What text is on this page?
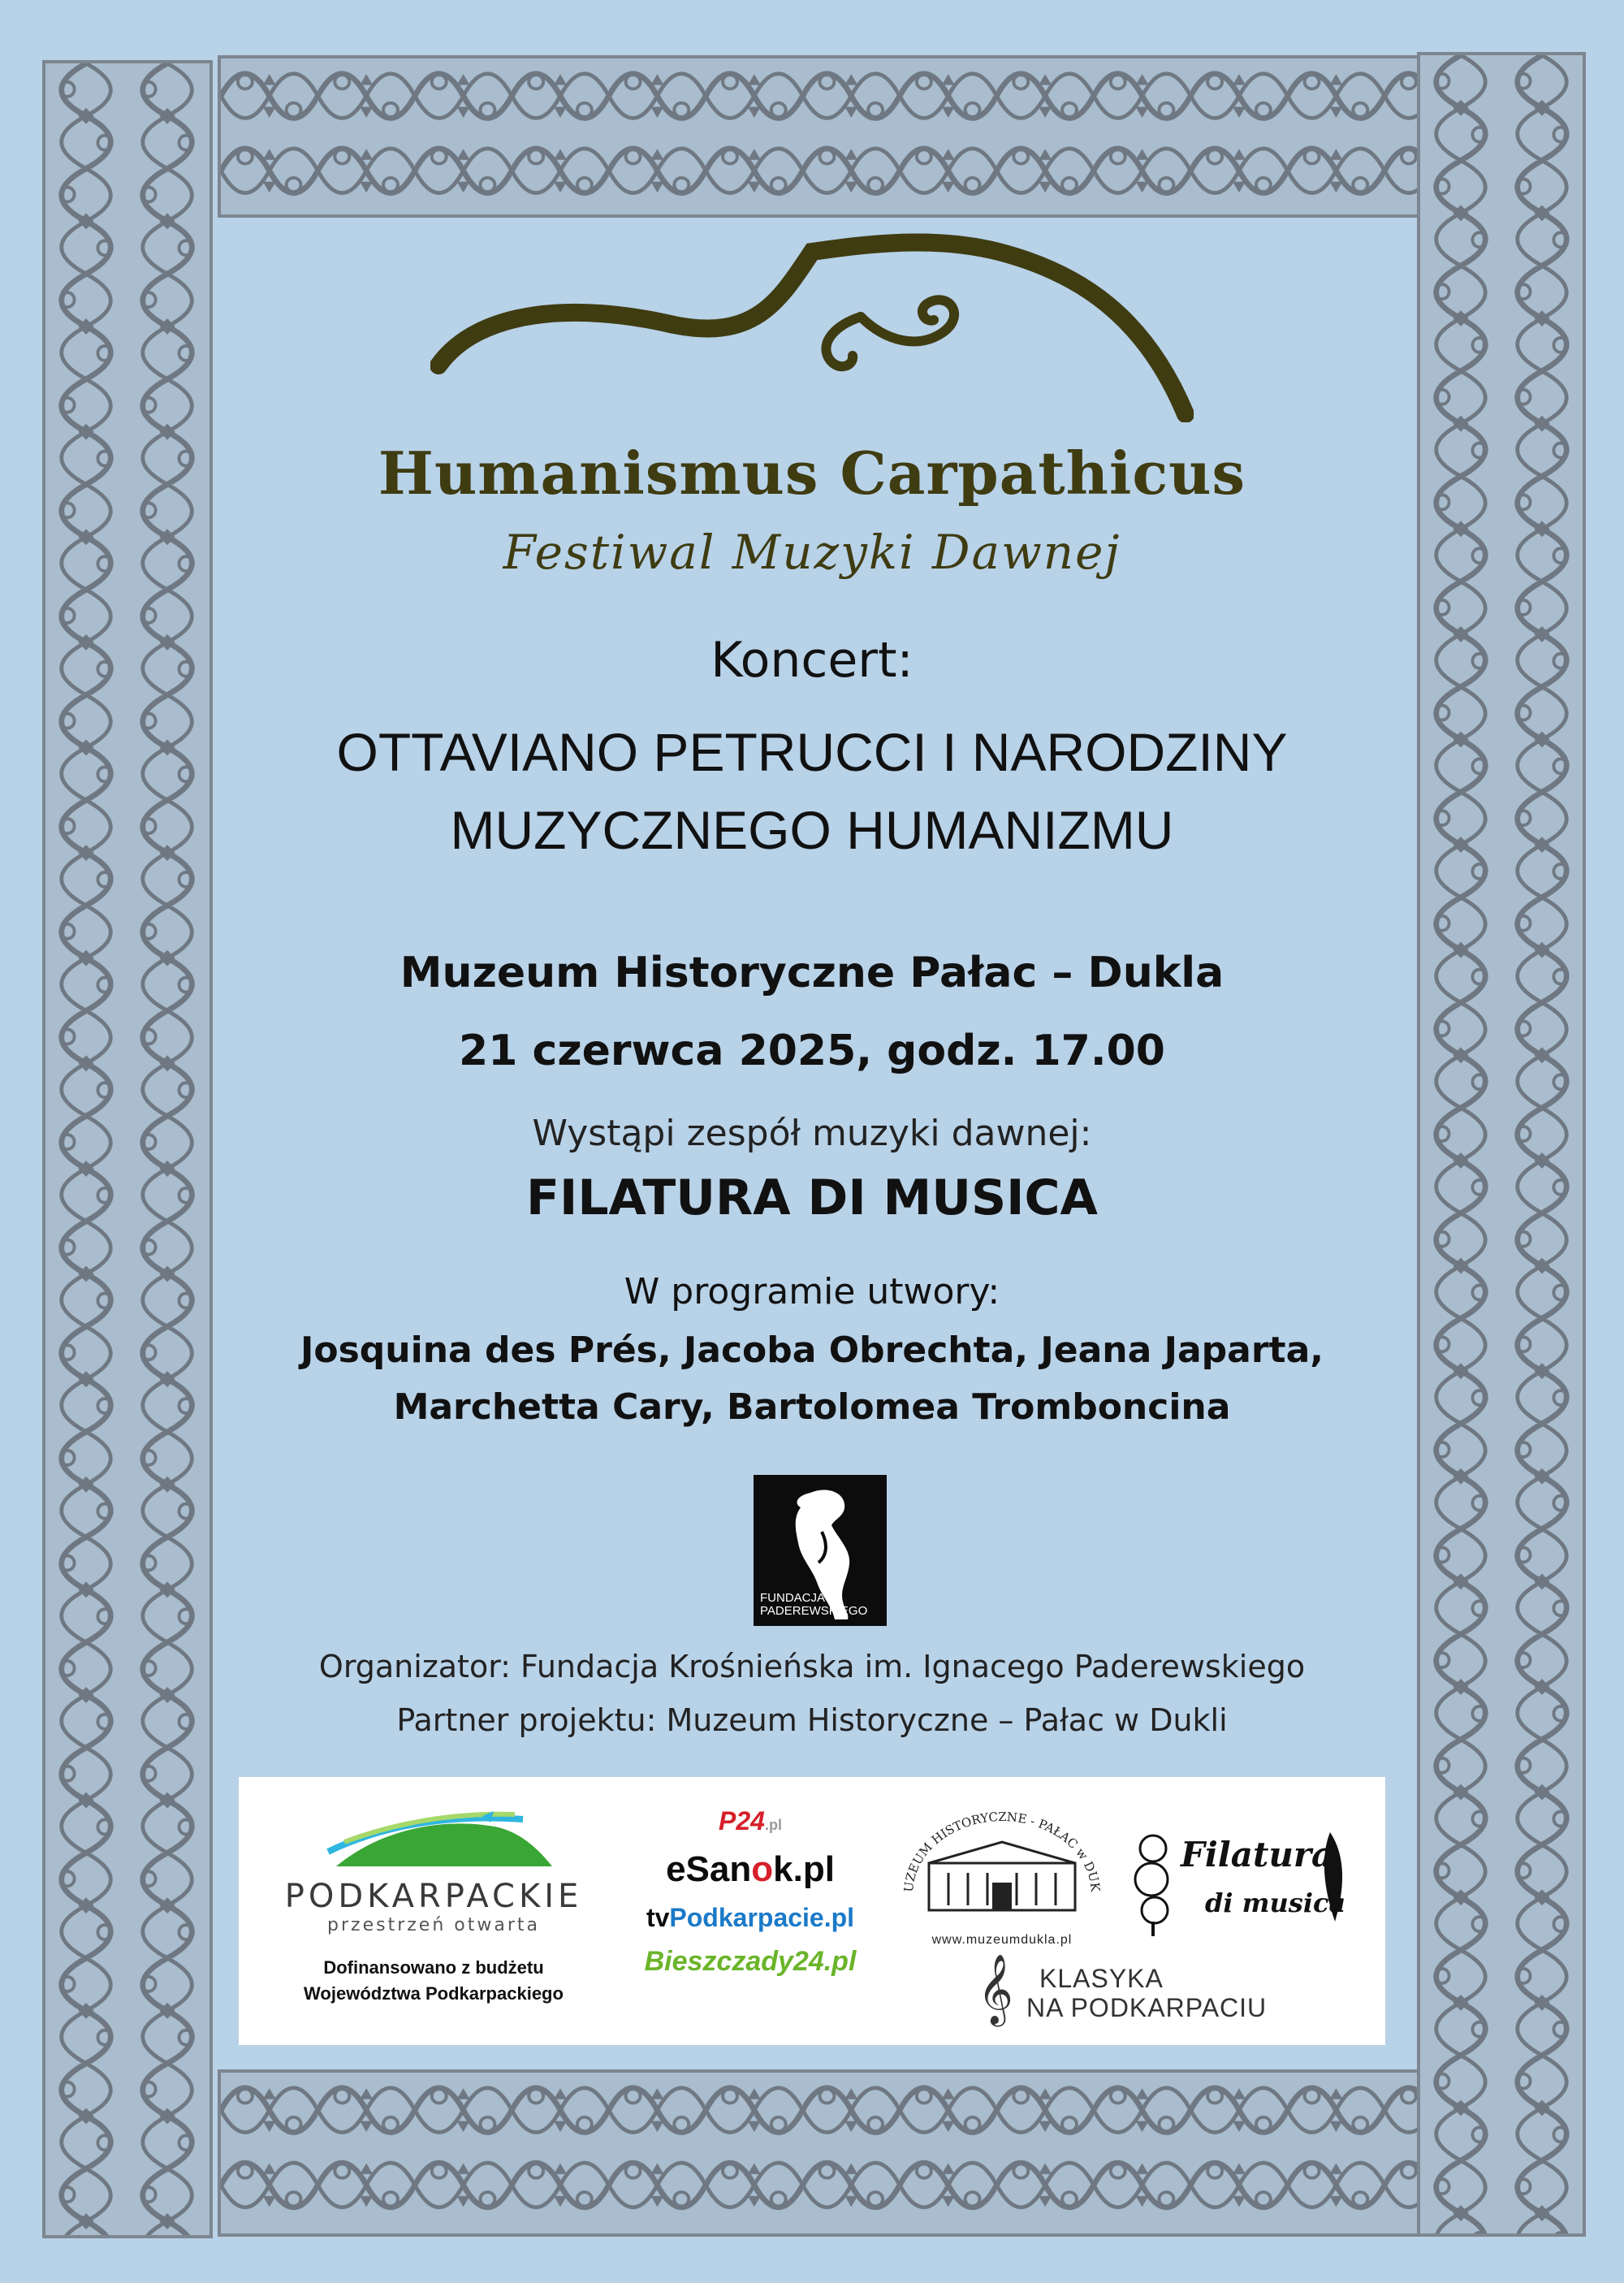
Humanismus Carpathicus
Festiwal Muzyki Dawnej
Koncert:
OTTAVIANO PETRUCCI I NARODZINY
MUZYCZNEGO HUMANIZMU
Muzeum Historyczne Pałac – Dukla
21 czerwca 2025, godz. 17.00
Wystąpi zespół muzyki dawnej:
FILATURA DI MUSICA
W programie utwory:
Josquina des Prés, Jacoba Obrechta, Jeana Japarta,
Marchetta Cary, Bartolomea Tromboncina
FUNDACJA
PADEREWSKIEGO
Organizator: Fundacja Krośnieńska im. Ignacego Paderewskiego
Partner projektu: Muzeum Historyczne – Pałac w Dukli
PODKARPACKIE
przestrzeń otwarta
Dofinansowano z budżetu
Województwa Podkarpackiego
P24.pl
eSanok.pl
tvPodkarpacie.pl
Bieszczady24.pl
UZEUM HISTORYCZNE - PAŁAC w DUK
www.muzeumdukla.pl
Filatura
di musica
𝄞	KLASYKA
NA PODKARPACIU
